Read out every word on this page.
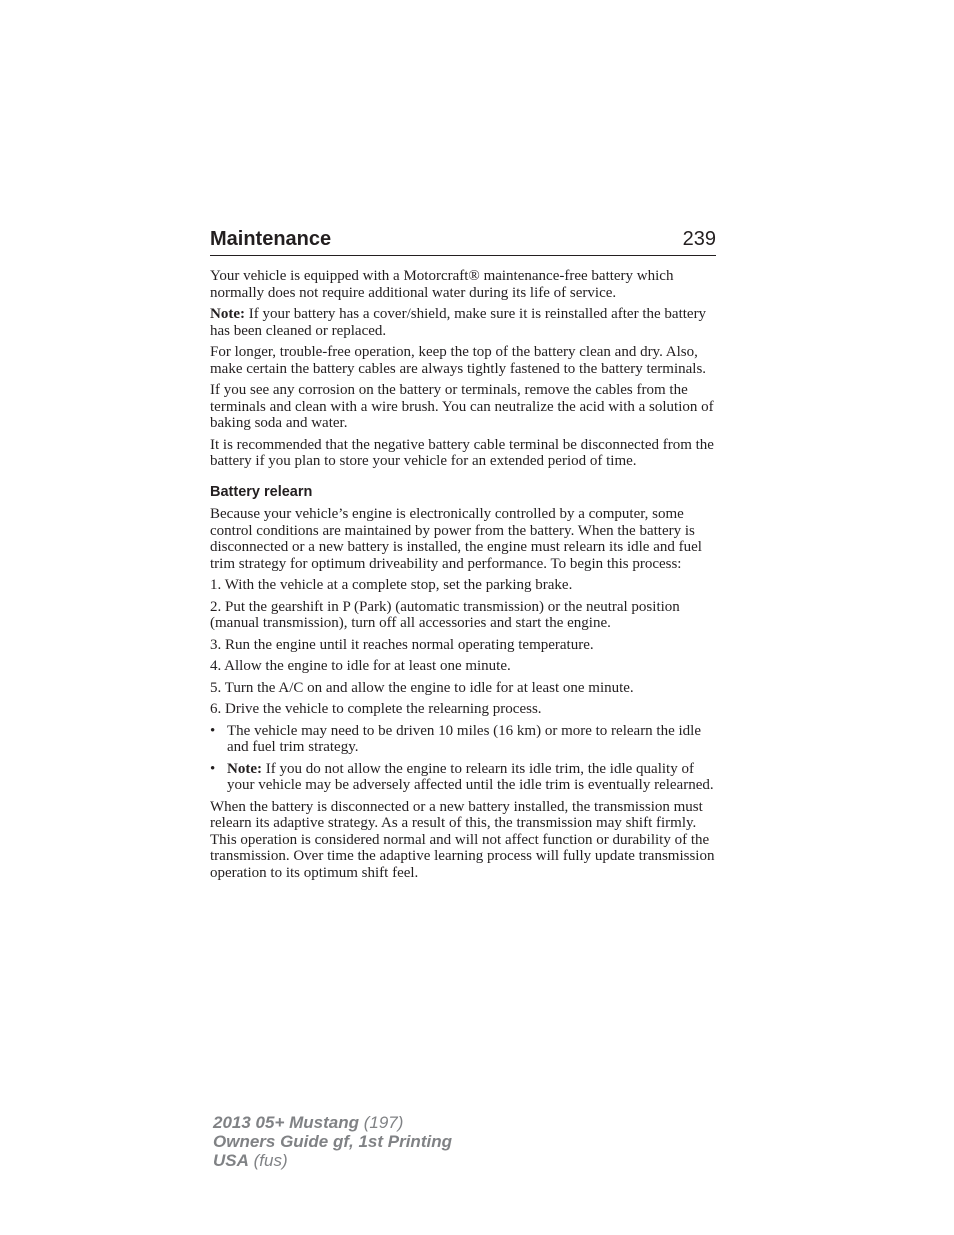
Maintenance	239

Your vehicle is equipped with a Motorcraft® maintenance-free battery which normally does not require additional water during its life of service.

Note: If your battery has a cover/shield, make sure it is reinstalled after the battery has been cleaned or replaced.

For longer, trouble-free operation, keep the top of the battery clean and dry. Also, make certain the battery cables are always tightly fastened to the battery terminals.

If you see any corrosion on the battery or terminals, remove the cables from the terminals and clean with a wire brush. You can neutralize the acid with a solution of baking soda and water.

It is recommended that the negative battery cable terminal be disconnected from the battery if you plan to store your vehicle for an extended period of time.

Battery relearn

Because your vehicle’s engine is electronically controlled by a computer, some control conditions are maintained by power from the battery. When the battery is disconnected or a new battery is installed, the engine must relearn its idle and fuel trim strategy for optimum driveability and performance. To begin this process:

1. With the vehicle at a complete stop, set the parking brake.

2. Put the gearshift in P (Park) (automatic transmission) or the neutral position (manual transmission), turn off all accessories and start the engine.

3. Run the engine until it reaches normal operating temperature.

4. Allow the engine to idle for at least one minute.

5. Turn the A/C on and allow the engine to idle for at least one minute.

6. Drive the vehicle to complete the relearning process.

• The vehicle may need to be driven 10 miles (16 km) or more to relearn the idle and fuel trim strategy.
• Note: If you do not allow the engine to relearn its idle trim, the idle quality of your vehicle may be adversely affected until the idle trim is eventually relearned.

When the battery is disconnected or a new battery installed, the transmission must relearn its adaptive strategy. As a result of this, the transmission may shift firmly. This operation is considered normal and will not affect function or durability of the transmission. Over time the adaptive learning process will fully update transmission operation to its optimum shift feel.

2013 05+ Mustang (197)
Owners Guide gf, 1st Printing
USA (fus)
